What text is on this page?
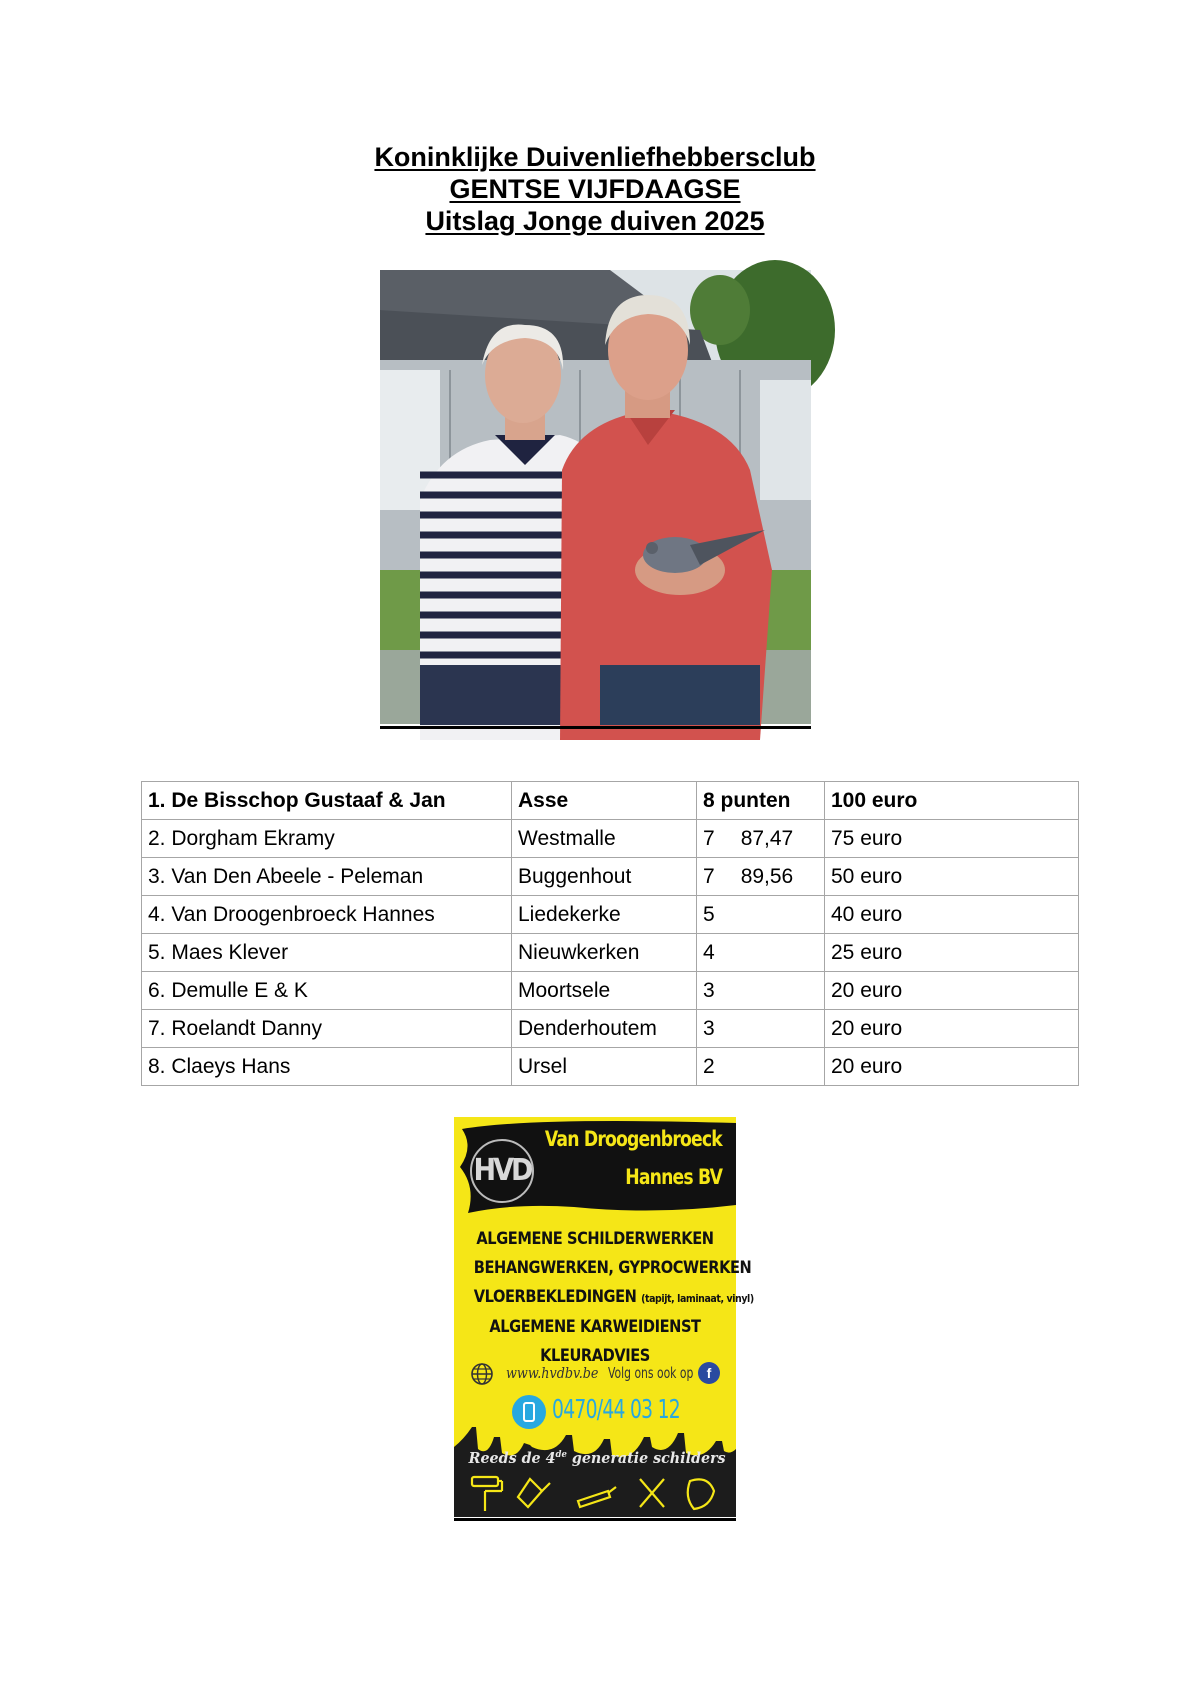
Koninklijke Duivenliefhebbersclub
GENTSE VIJFDAAGSE
Uitslag Jonge duiven 2025
1. De Bisschop Gustaaf & Jan	Asse	8 punten	100 euro
2. Dorgham Ekramy	Westmalle	7 87,47	75 euro
3. Van Den Abeele - Peleman	Buggenhout	7 89,56	50 euro
4. Van Droogenbroeck Hannes	Liedekerke	5	40 euro
5. Maes Klever	Nieuwkerken	4	25 euro
6. Demulle E & K	Moortsele	3	20 euro
7. Roelandt Danny	Denderhoutem	3	20 euro
8. Claeys Hans	Ursel	2	20 euro
HVD
Van Droogenbroeck
Hannes BV
ALGEMENE SCHILDERWERKEN
BEHANGWERKEN, GYPROCWERKEN
VLOERBEKLEDINGEN (tapijt, laminaat, vinyl)
ALGEMENE KARWEIDIENST
KLEURADVIES
www.hvdbv.be Volg ons ook op f
0470/44 03 12
Reeds de 4de generatie schilders
